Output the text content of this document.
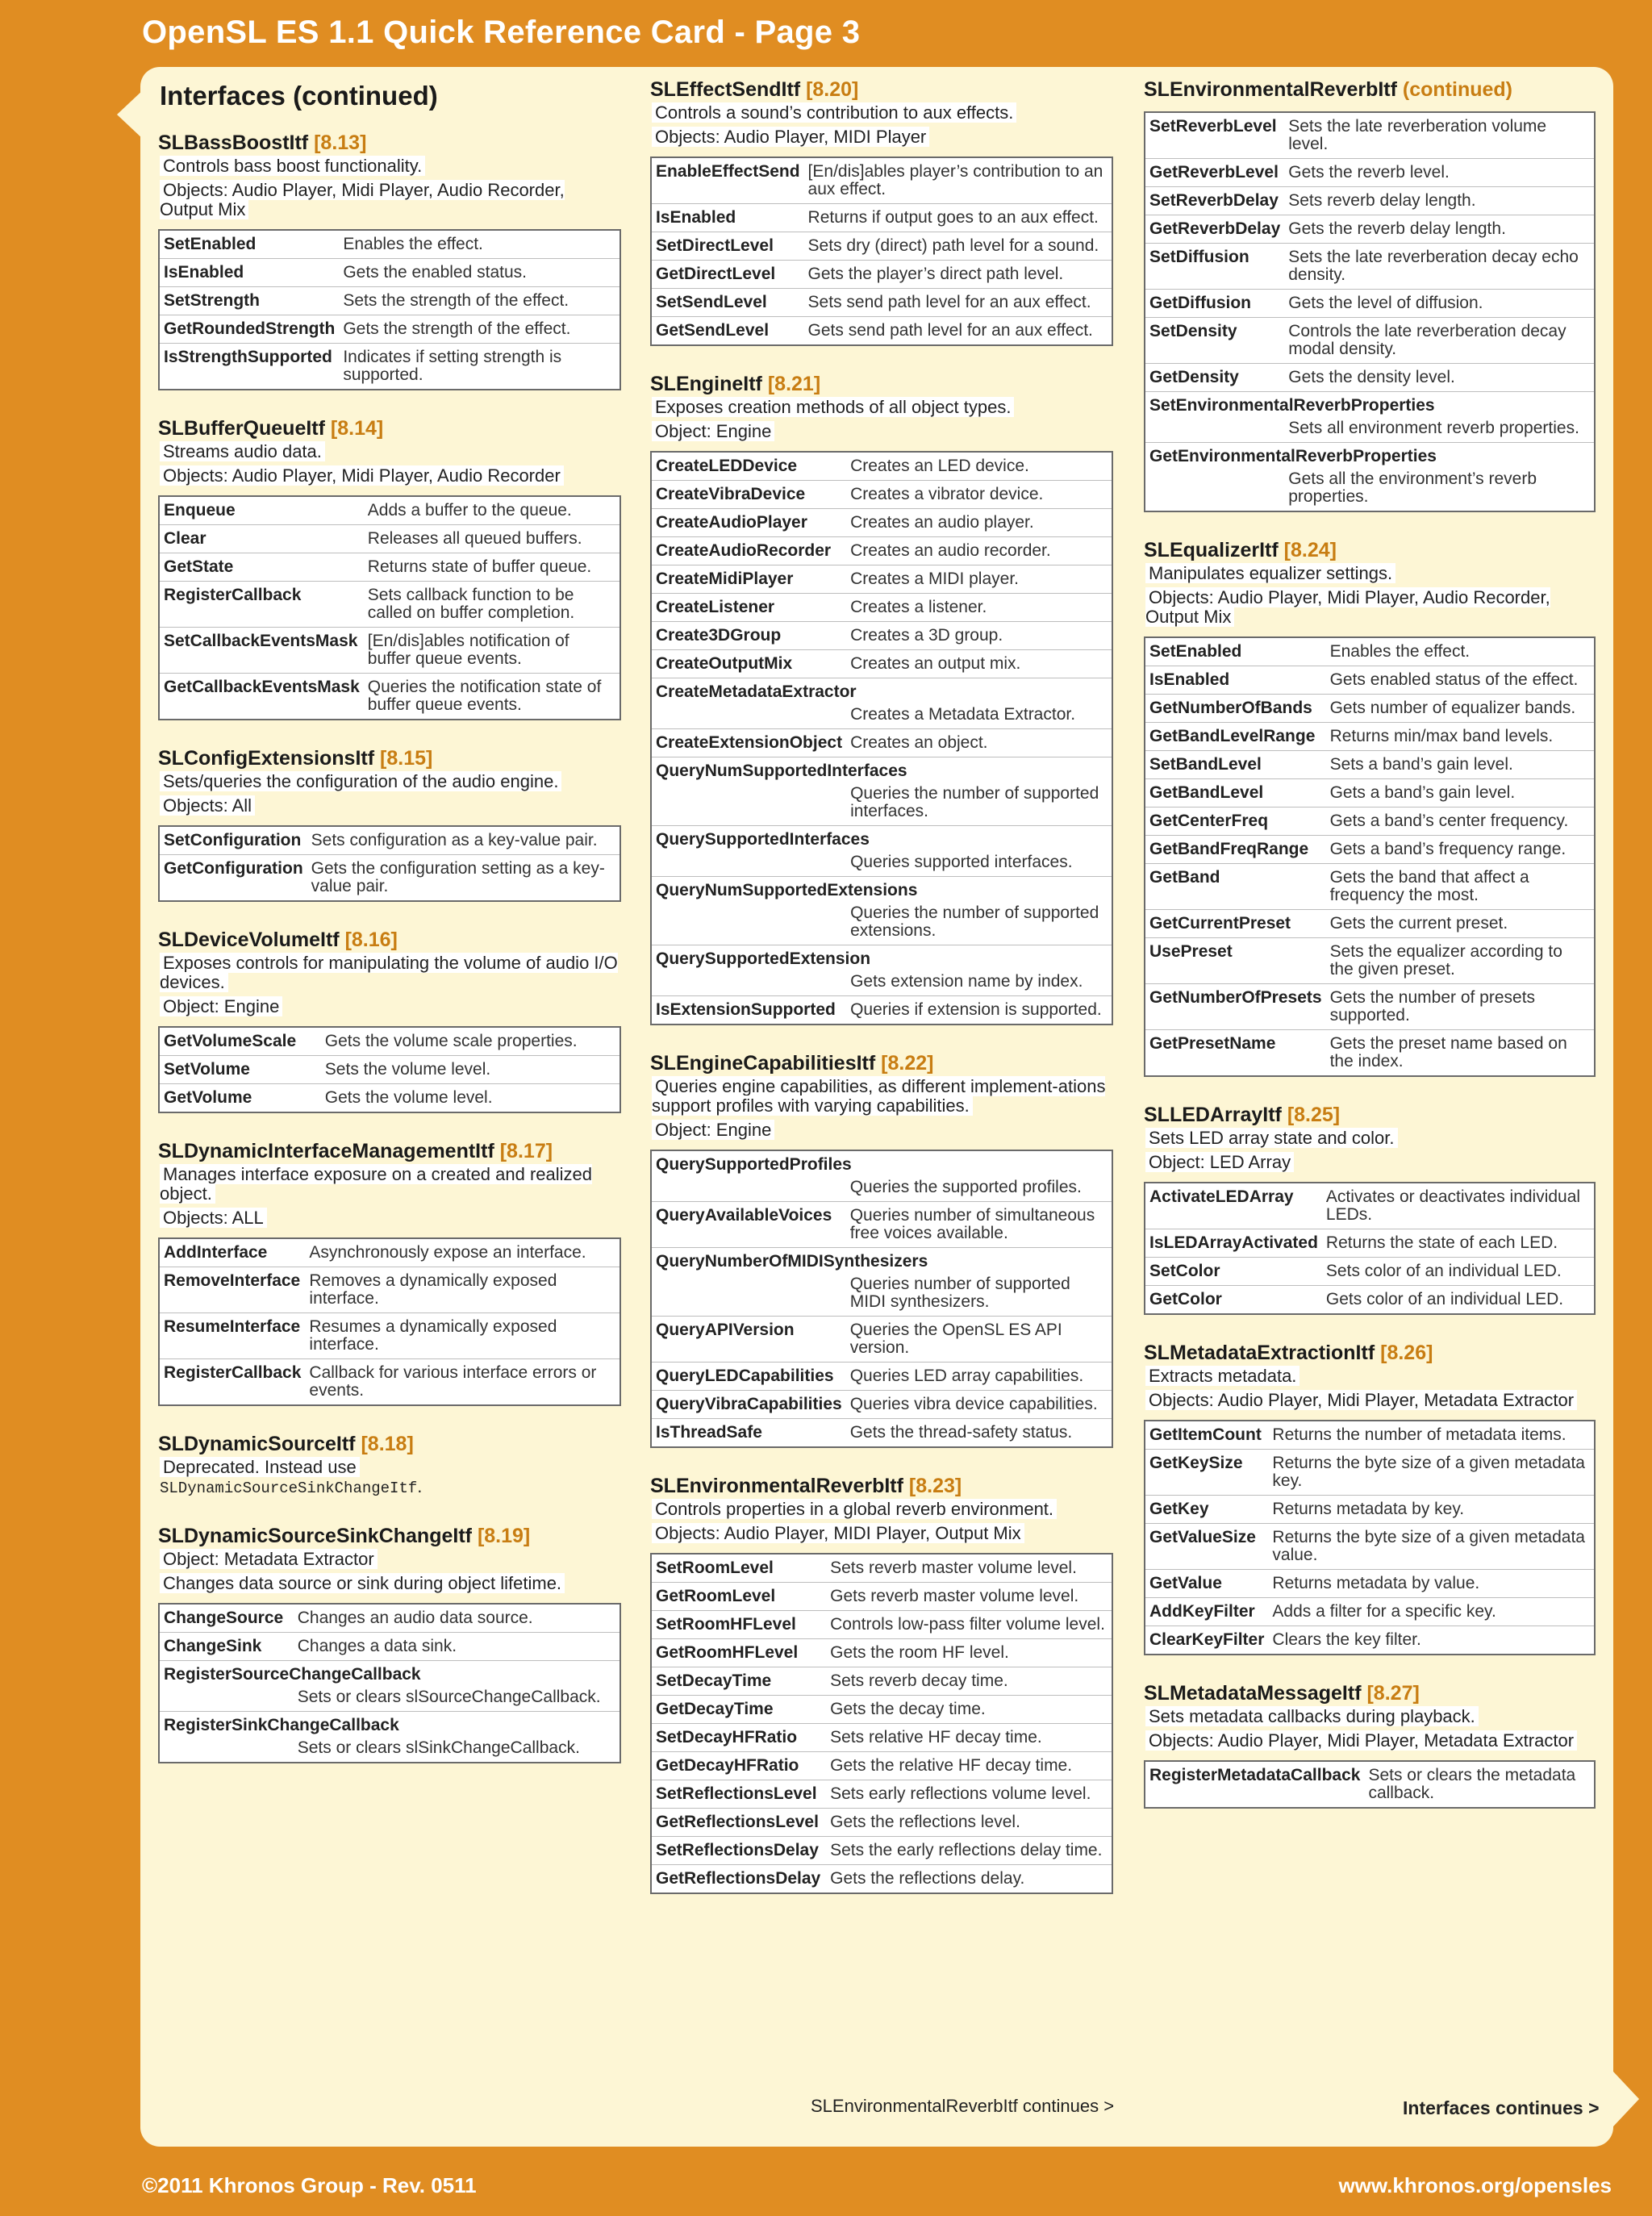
OpenSL ES 1.1 Quick Reference Card - Page 3
Interfaces (continued)
SLBassBoostItf [8.13]
Controls bass boost functionality.
Objects: Audio Player, Midi Player, Audio Recorder, Output Mix
SetEnabled	Enables the effect.
IsEnabled	Gets the enabled status.
SetStrength	Sets the strength of the effect.
GetRoundedStrength	Gets the strength of the effect.
IsStrengthSupported	Indicates if setting strength is supported.
SLBufferQueueItf [8.14]
Streams audio data.
Objects: Audio Player, Midi Player, Audio Recorder
Enqueue	Adds a buffer to the queue.
Clear	Releases all queued buffers.
GetState	Returns state of buffer queue.
RegisterCallback	Sets callback function to be called on buffer completion.
SetCallbackEventsMask	[En/dis]ables notification of buffer queue events.
GetCallbackEventsMask	Queries the notification state of buffer queue events.
SLConfigExtensionsItf [8.15]
Sets/queries the configuration of the audio engine.
Objects: All
SetConfiguration	Sets configuration as a key-value pair.
GetConfiguration	Gets the configuration setting as a key-value pair.
SLDeviceVolumeItf [8.16]
Exposes controls for manipulating the volume of audio I/O devices.
Object: Engine
GetVolumeScale	Gets the volume scale properties.
SetVolume	Sets the volume level.
GetVolume	Gets the volume level.
SLDynamicInterfaceManagementItf [8.17]
Manages interface exposure on a created and realized object.
Objects: ALL
AddInterface	Asynchronously expose an interface.
RemoveInterface	Removes a dynamically exposed interface.
ResumeInterface	Resumes a dynamically exposed interface.
RegisterCallback	Callback for various interface errors or events.
SLDynamicSourceItf [8.18]
Deprecated. Instead use SLDynamicSourceSinkChangeItf.
SLDynamicSourceSinkChangeItf [8.19]
Object: Metadata Extractor
Changes data source or sink during object lifetime.
ChangeSource	Changes an audio data source.
ChangeSink	Changes a data sink.
RegisterSourceChangeCallback	
	Sets or clears slSourceChangeCallback.
RegisterSinkChangeCallback	
	Sets or clears slSinkChangeCallback.
SLEffectSendItf [8.20]
Controls a sound’s contribution to aux effects.
Objects: Audio Player, MIDI Player
EnableEffectSend	[En/dis]ables player’s contribution to an aux effect.
IsEnabled	Returns if output goes to an aux effect.
SetDirectLevel	Sets dry (direct) path level for a sound.
GetDirectLevel	Gets the player’s direct path level.
SetSendLevel	Sets send path level for an aux effect.
GetSendLevel	Gets send path level for an aux effect.
SLEngineItf [8.21]
Exposes creation methods of all object types.
Object: Engine
CreateLEDDevice	Creates an LED device.
CreateVibraDevice	Creates a vibrator device.
CreateAudioPlayer	Creates an audio player.
CreateAudioRecorder	Creates an audio recorder.
CreateMidiPlayer	Creates a MIDI player.
CreateListener	Creates a listener.
Create3DGroup	Creates a 3D group.
CreateOutputMix	Creates an output mix.
CreateMetadataExtractor	
	Creates a Metadata Extractor.
CreateExtensionObject	Creates an object.
QueryNumSupportedInterfaces	
	Queries the number of supported interfaces.
QuerySupportedInterfaces	
	Queries supported interfaces.
QueryNumSupportedExtensions	
	Queries the number of supported extensions.
QuerySupportedExtension	
	Gets extension name by index.
IsExtensionSupported	Queries if extension is supported.
SLEngineCapabilitiesItf [8.22]
Queries engine capabilities, as different implement-ations support profiles with varying capabilities.
Object: Engine
QuerySupportedProfiles	
	Queries the supported profiles.
QueryAvailableVoices	Queries number of simultaneous free voices available.
QueryNumberOfMIDISynthesizers	
	Queries number of supported MIDI synthesizers.
QueryAPIVersion	Queries the OpenSL ES API version.
QueryLEDCapabilities	Queries LED array capabilities.
QueryVibraCapabilities	Queries vibra device capabilities.
IsThreadSafe	Gets the thread-safety status.
SLEnvironmentalReverbItf [8.23]
Controls properties in a global reverb environment.
Objects: Audio Player, MIDI Player, Output Mix
SetRoomLevel	Sets reverb master volume level.
GetRoomLevel	Gets reverb master volume level.
SetRoomHFLevel	Controls low-pass filter volume level.
GetRoomHFLevel	Gets the room HF level.
SetDecayTime	Sets reverb decay time.
GetDecayTime	Gets the decay time.
SetDecayHFRatio	Sets relative HF decay time.
GetDecayHFRatio	Gets the relative HF decay time.
SetReflectionsLevel	Sets early reflections volume level.
GetReflectionsLevel	Gets the reflections level.
SetReflectionsDelay	Sets the early reflections delay time.
GetReflectionsDelay	Gets the reflections delay.
SLEnvironmentalReverbItf (continued)
SetReverbLevel	Sets the late reverberation volume level.
GetReverbLevel	Gets the reverb level.
SetReverbDelay	Sets reverb delay length.
GetReverbDelay	Gets the reverb delay length.
SetDiffusion	Sets the late reverberation decay echo density.
GetDiffusion	Gets the level of diffusion.
SetDensity	Controls the late reverberation decay modal density.
GetDensity	Gets the density level.
SetEnvironmentalReverbProperties	
	Sets all environment reverb properties.
GetEnvironmentalReverbProperties	
	Gets all the environment’s reverb properties.
SLEqualizerItf [8.24]
Manipulates equalizer settings.
Objects: Audio Player, Midi Player, Audio Recorder, Output Mix
SetEnabled	Enables the effect.
IsEnabled	Gets enabled status of the effect.
GetNumberOfBands	Gets number of equalizer bands.
GetBandLevelRange	Returns min/max band levels.
SetBandLevel	Sets a band’s gain level.
GetBandLevel	Gets a band’s gain level.
GetCenterFreq	Gets a band’s center frequency.
GetBandFreqRange	Gets a band’s frequency range.
GetBand	Gets the band that affect a frequency the most.
GetCurrentPreset	Gets the current preset.
UsePreset	Sets the equalizer according to the given preset.
GetNumberOfPresets	Gets the number of presets supported.
GetPresetName	Gets the preset name based on the index.
SLLEDArrayItf [8.25]
Sets LED array state and color.
Object: LED Array
ActivateLEDArray	Activates or deactivates individual LEDs.
IsLEDArrayActivated	Returns the state of each LED.
SetColor	Sets color of an individual LED.
GetColor	Gets color of an individual LED.
SLMetadataExtractionItf [8.26]
Extracts metadata.
Objects: Audio Player, Midi Player, Metadata Extractor
GetItemCount	Returns the number of metadata items.
GetKeySize	Returns the byte size of a given metadata key.
GetKey	Returns metadata by key.
GetValueSize	Returns the byte size of a given metadata value.
GetValue	Returns metadata by value.
AddKeyFilter	Adds a filter for a specific key.
ClearKeyFilter	Clears the key filter.
SLMetadataMessageItf [8.27]
Sets metadata callbacks during playback.
Objects: Audio Player, Midi Player, Metadata Extractor
RegisterMetadataCallback	Sets or clears the metadata callback.
SLEnvironmentalReverbItf continues >	Interfaces continues >
©2011 Khronos Group - Rev. 0511	www.khronos.org/opensles
